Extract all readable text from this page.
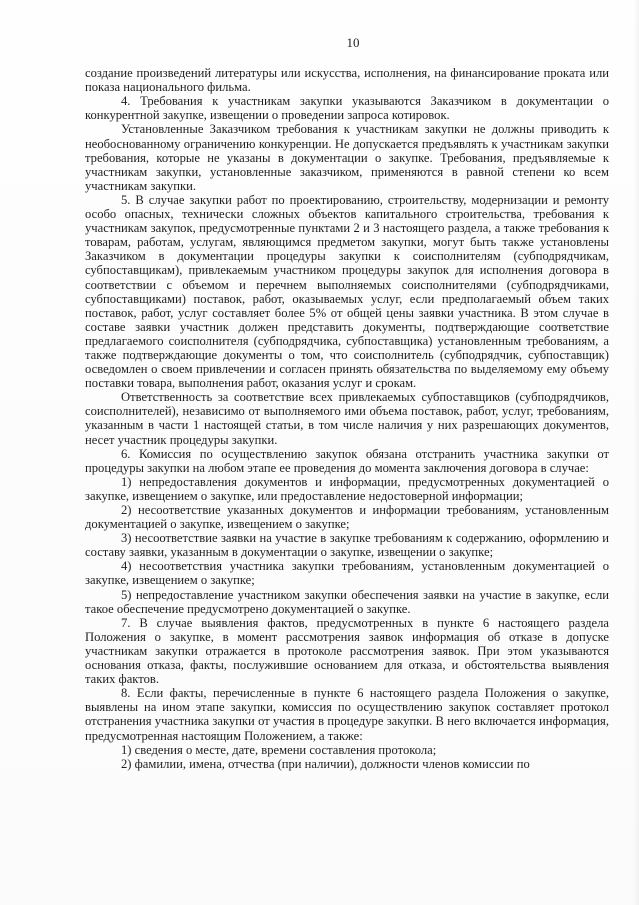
10

создание произведений литературы или искусства, исполнения, на финансирование проката или показа национального фильма.

4. Требования к участникам закупки указываются Заказчиком в документации о конкурентной закупке, извещении о проведении запроса котировок.

Установленные Заказчиком требования к участникам закупки не должны приводить к необоснованному ограничению конкуренции. Не допускается предъявлять к участникам закупки требования, которые не указаны в документации о закупке. Требования, предъявляемые к участникам закупки, установленные заказчиком, применяются в равной степени ко всем участникам закупки.

5. В случае закупки работ по проектированию, строительству, модернизации и ремонту особо опасных, технически сложных объектов капитального строительства, требования к участникам закупок, предусмотренные пунктами 2 и 3 настоящего раздела, а также требования к товарам, работам, услугам, являющимся предметом закупки, могут быть также установлены Заказчиком в документации процедуры закупки к соисполнителям (субподрядчикам, субпоставщикам), привлекаемым участником процедуры закупок для исполнения договора в соответствии с объемом и перечнем выполняемых соисполнителями (субподрядчиками, субпоставщиками) поставок, работ, оказываемых услуг, если предполагаемый объем таких поставок, работ, услуг составляет более 5% от общей цены заявки участника. В этом случае в составе заявки участник должен представить документы, подтверждающие соответствие предлагаемого соисполнителя (субподрядчика, субпоставщика) установленным требованиям, а также подтверждающие документы о том, что соисполнитель (субподрядчик, субпоставщик) осведомлен о своем привлечении и согласен принять обязательства по выделяемому ему объему поставки товара, выполнения работ, оказания услуг и срокам.

Ответственность за соответствие всех привлекаемых субпоставщиков (субподрядчиков, соисполнителей), независимо от выполняемого ими объема поставок, работ, услуг, требованиям, указанным в части 1 настоящей статьи, в том числе наличия у них разрешающих документов, несет участник процедуры закупки.

6. Комиссия по осуществлению закупок обязана отстранить участника закупки от процедуры закупки на любом этапе ее проведения до момента заключения договора в случае:

1) непредоставления документов и информации, предусмотренных документацией о закупке, извещением о закупке, или предоставление недостоверной информации;

2) несоответствие указанных документов и информации требованиям, установленным документацией о закупке, извещением о закупке;

3) несоответствие заявки на участие в закупке требованиям к содержанию, оформлению и составу заявки, указанным в документации о закупке, извещении о закупке;

4) несоответствия участника закупки требованиям, установленным документацией о закупке, извещением о закупке;

5) непредоставление участником закупки обеспечения заявки на участие в закупке, если такое обеспечение предусмотрено документацией о закупке.

7. В случае выявления фактов, предусмотренных в пункте 6 настоящего раздела Положения о закупке, в момент рассмотрения заявок информация об отказе в допуске участникам закупки отражается в протоколе рассмотрения заявок. При этом указываются основания отказа, факты, послужившие основанием для отказа, и обстоятельства выявления таких фактов.

8. Если факты, перечисленные в пункте 6 настоящего раздела Положения о закупке, выявлены на ином этапе закупки, комиссия по осуществлению закупок составляет протокол отстранения участника закупки от участия в процедуре закупки. В него включается информация, предусмотренная настоящим Положением, а также:

1) сведения о месте, дате, времени составления протокола;

2) фамилии, имена, отчества (при наличии), должности членов комиссии по
